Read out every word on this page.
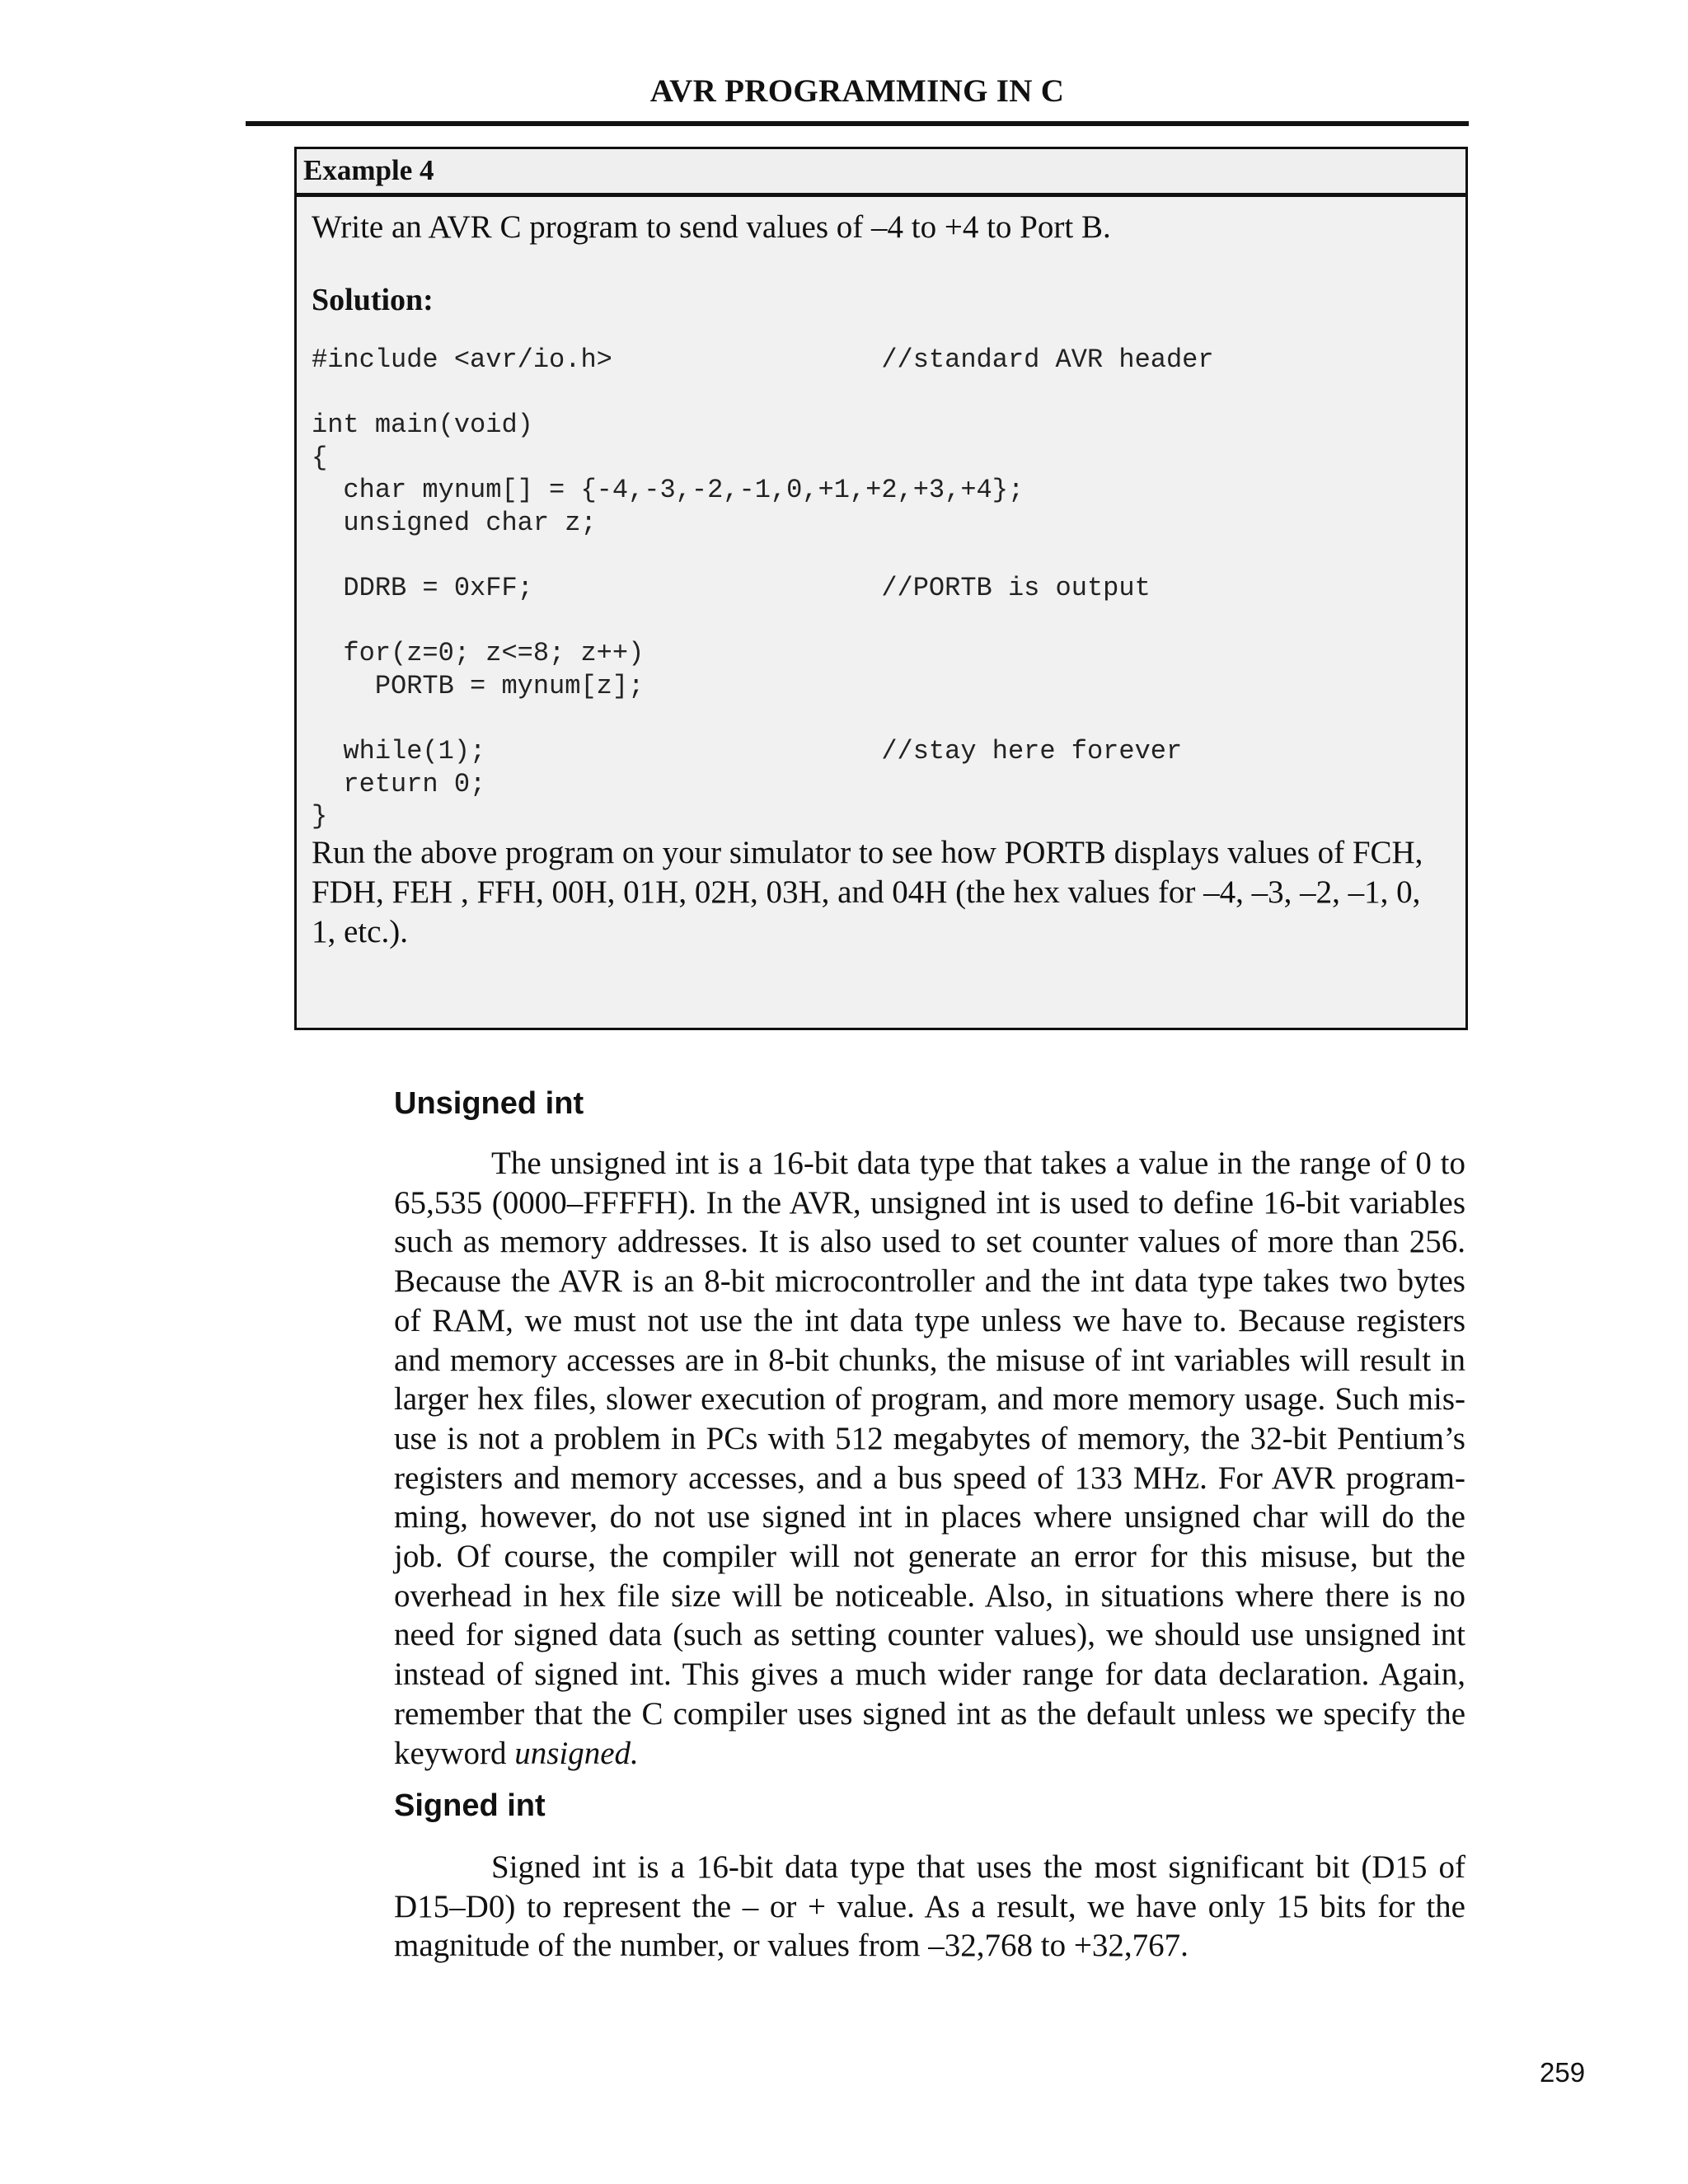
AVR PROGRAMMING IN C
Example 4

Write an AVR C program to send values of –4 to +4 to Port B.

Solution:

#include <avr/io.h>                 //standard AVR header

int main(void)
{
char mynum[] = {-4,-3,-2,-1,0,+1,+2,+3,+4};
unsigned char z;

DDRB = 0xFF;                      //PORTB is output

for(z=0; z<=8; z++)
PORTB = mynum[z];

while(1);                         //stay here forever
return 0;
}

Run the above program on your simulator to see how PORTB displays values of FCH, FDH, FEH , FFH, 00H, 01H, 02H, 03H, and 04H (the hex values for –4, –3, –2, –1, 0, 1, etc.).

Unsigned int

The unsigned int is a 16-bit data type that takes a value in the range of 0 to 65,535 (0000–FFFFH). In the AVR, unsigned int is used to define 16-bit variables such as memory addresses. It is also used to set counter values of more than 256. Because the AVR is an 8-bit microcontroller and the int data type takes two bytes of RAM, we must not use the int data type unless we have to. Because registers and memory accesses are in 8-bit chunks, the misuse of int variables will result in larger hex files, slower execution of program, and more memory usage. Such mis-use is not a problem in PCs with 512 megabytes of memory, the 32-bit Pentium’s registers and memory accesses, and a bus speed of 133 MHz. For AVR program-ming, however, do not use signed int in places where unsigned char will do the job. Of course, the compiler will not generate an error for this misuse, but the overhead in hex file size will be noticeable. Also, in situations where there is no need for signed data (such as setting counter values), we should use unsigned int instead of signed int. This gives a much wider range for data declaration. Again, remember that the C compiler uses signed int as the default unless we specify the keyword unsigned.

Signed int

Signed int is a 16-bit data type that uses the most significant bit (D15 of D15–D0) to represent the – or + value. As a result, we have only 15 bits for the magnitude of the number, or values from –32,768 to +32,767.

259
